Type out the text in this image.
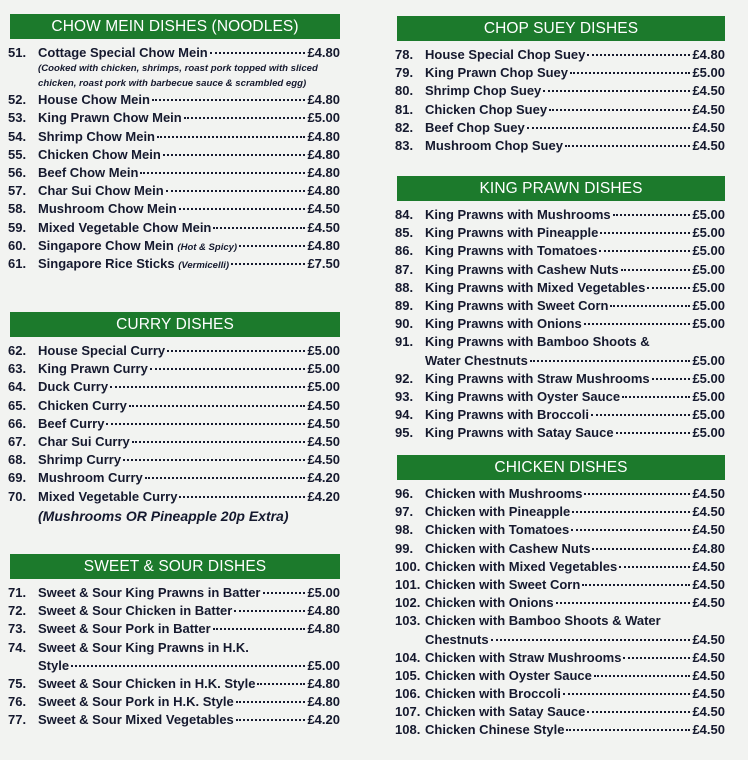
CHOW MEIN DISHES (NOODLES)
51. Cottage Special Chow Mein	£4.80
(Cooked with chicken, shrimps, roast pork topped with sliced chicken, roast pork with barbecue sauce & scrambled egg)
52. House Chow Mein	£4.80
53. King Prawn Chow Mein	£5.00
54. Shrimp Chow Mein	£4.80
55. Chicken Chow Mein	£4.80
56. Beef Chow Mein	£4.80
57. Char Sui Chow Mein	£4.80
58. Mushroom Chow Mein	£4.50
59. Mixed Vegetable Chow Mein	£4.50
60. Singapore Chow Mein (Hot & Spicy)	£4.80
61. Singapore Rice Sticks (Vermicelli)	£7.50
CURRY DISHES
62. House Special Curry	£5.00
63. King Prawn Curry	£5.00
64. Duck Curry	£5.00
65. Chicken Curry	£4.50
66. Beef Curry	£4.50
67. Char Sui Curry	£4.50
68. Shrimp Curry	£4.50
69. Mushroom Curry	£4.20
70. Mixed Vegetable Curry	£4.20
(Mushrooms OR Pineapple 20p Extra)
SWEET & SOUR DISHES
71. Sweet & Sour King Prawns in Batter	£5.00
72. Sweet & Sour Chicken in Batter	£4.80
73. Sweet & Sour Pork in Batter	£4.80
74. Sweet & Sour King Prawns in H.K.
Style	£5.00
75. Sweet & Sour Chicken in H.K. Style	£4.80
76. Sweet & Sour Pork in H.K. Style	£4.80
77. Sweet & Sour Mixed Vegetables	£4.20
CHOP SUEY DISHES
78. House Special Chop Suey	£4.80
79. King Prawn Chop Suey	£5.00
80. Shrimp Chop Suey	£4.50
81. Chicken Chop Suey	£4.50
82. Beef Chop Suey	£4.50
83. Mushroom Chop Suey	£4.50
KING PRAWN DISHES
84. King Prawns with Mushrooms	£5.00
85. King Prawns with Pineapple	£5.00
86. King Prawns with Tomatoes	£5.00
87. King Prawns with Cashew Nuts	£5.00
88. King Prawns with Mixed Vegetables	£5.00
89. King Prawns with Sweet Corn	£5.00
90. King Prawns with Onions	£5.00
91. King Prawns with Bamboo Shoots &
Water Chestnuts	£5.00
92. King Prawns with Straw Mushrooms	£5.00
93. King Prawns with Oyster Sauce	£5.00
94. King Prawns with Broccoli	£5.00
95. King Prawns with Satay Sauce	£5.00
CHICKEN DISHES
96. Chicken with Mushrooms	£4.50
97. Chicken with Pineapple	£4.50
98. Chicken with Tomatoes	£4.50
99. Chicken with Cashew Nuts	£4.80
100. Chicken with Mixed Vegetables	£4.50
101. Chicken with Sweet Corn	£4.50
102. Chicken with Onions	£4.50
103. Chicken with Bamboo Shoots & Water
Chestnuts	£4.50
104. Chicken with Straw Mushrooms	£4.50
105. Chicken with Oyster Sauce	£4.50
106. Chicken with Broccoli	£4.50
107. Chicken with Satay Sauce	£4.50
108. Chicken Chinese Style	£4.50
